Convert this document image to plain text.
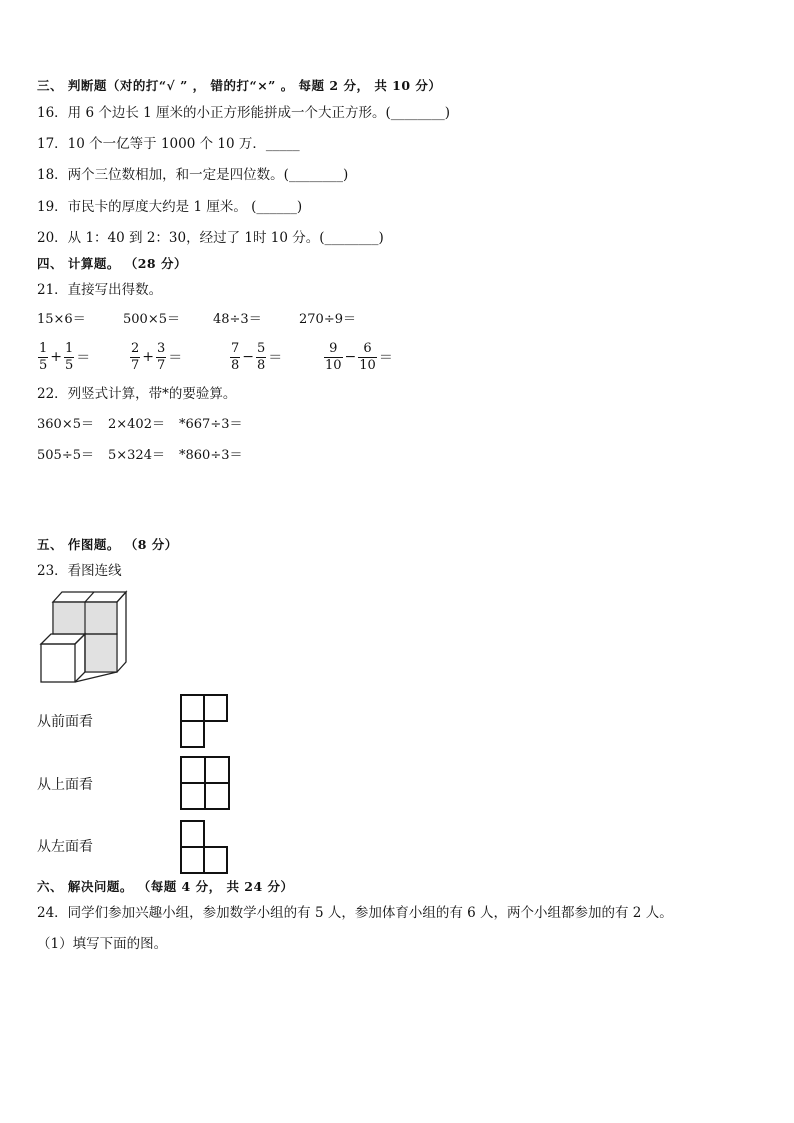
三、 判断题（对的打“√ ” ， 错的打“×” 。 每题 2 分， 共 10 分）
16．用 6 个边长 1 厘米的小正方形能拼成一个大正方形。(________)
17．10 个一亿等于 1000 个 10 万．_____
18．两个三位数相加，和一定是四位数。(________)
19．市民卡的厚度大约是 1 厘米。 (______)
20．从 1：40 到 2：30，经过了 1时 10 分。(________)
四、 计算题。 （28 分）
21．直接写出得数。
15×6＝	500×5＝	48÷3＝	270÷9＝
$\frac{1}{5} + \frac{1}{5}$ ＝	$\frac{2}{7} + \frac{3}{7}$ ＝	$\frac{7}{8} - \frac{5}{8}$ ＝	$\frac{9}{10} - \frac{6}{10}$ ＝
22．列竖式计算，带*的要验算。
360×5＝ 2×402＝ *667÷3＝
505÷5＝ 5×324＝ *860÷3＝
五、 作图题。 （8 分）
23．看图连线
从前面看
从上面看
从左面看
六、 解决问题。 （每题 4 分， 共 24 分）
24．同学们参加兴趣小组，参加数学小组的有 5 人，参加体育小组的有 6 人，两个小组都参加的有 2 人。
（1）填写下面的图。
